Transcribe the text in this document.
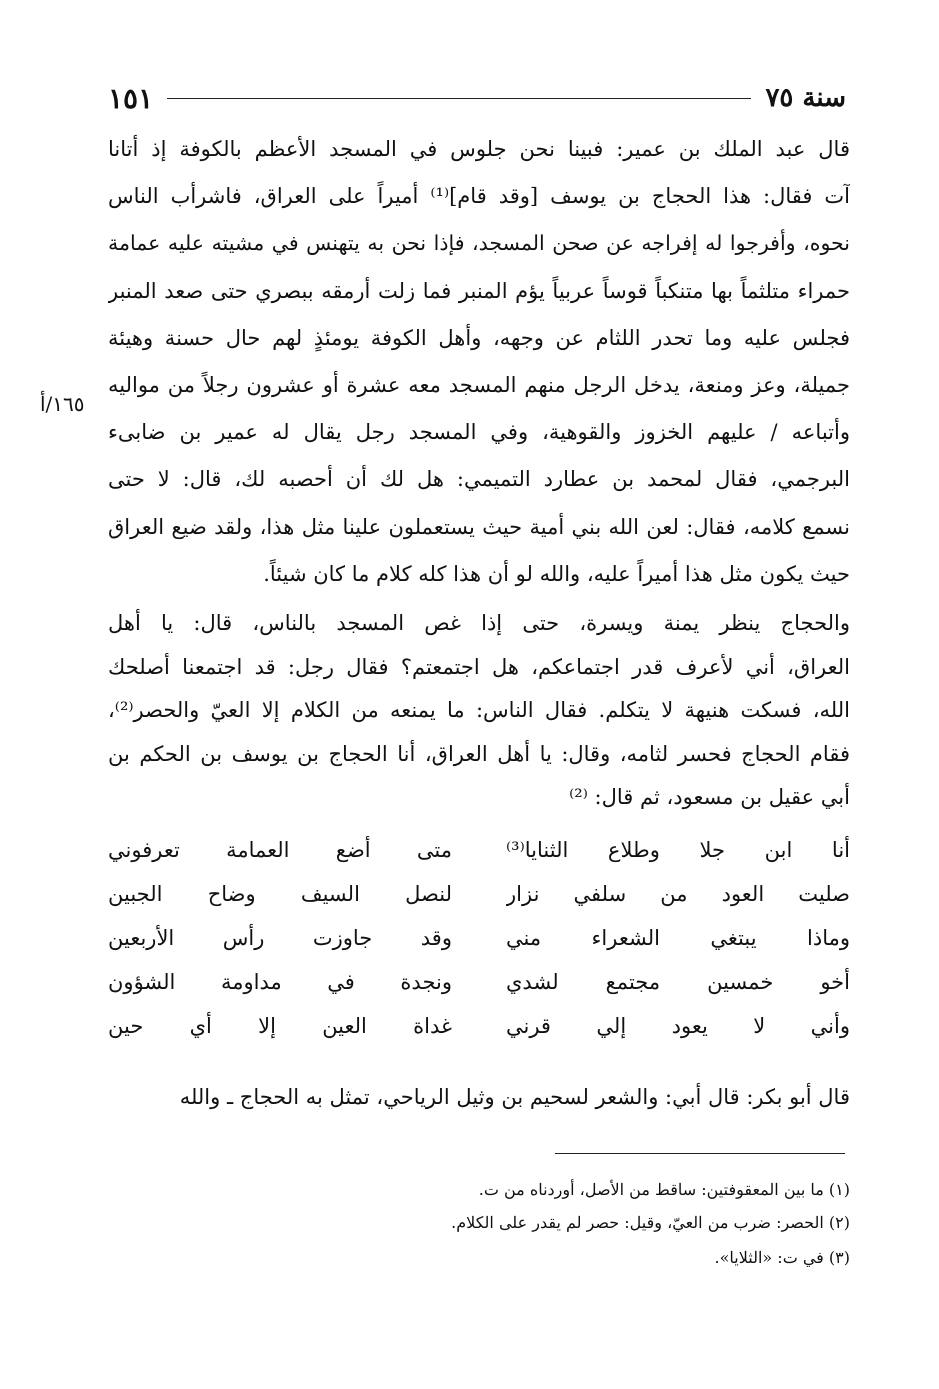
سنة ٧٥
١٥١
١٦٥/أ
قال عبد الملك بن عمير: فبينا نحن جلوس في المسجد الأعظم بالكوفة إذ أتانا
آت فقال: هذا الحجاج بن يوسف [وقد قام]⁽¹⁾ أميراً على العراق، فاشرأب الناس
نحوه، وأفرجوا له إفراجه عن صحن المسجد، فإذا نحن به يتهنس في مشيته عليه عمامة
حمراء متلثماً بها متنكباً قوساً عربياً يؤم المنبر فما زلت أرمقه ببصري حتى صعد المنبر
فجلس عليه وما تحدر اللثام عن وجهه، وأهل الكوفة يومئذٍ لهم حال حسنة وهيئة
جميلة، وعز ومنعة، يدخل الرجل منهم المسجد معه عشرة أو عشرون رجلاً من مواليه
وأتباعه / عليهم الخزوز والقوهية، وفي المسجد رجل يقال له عمير بن ضابىء
البرجمي، فقال لمحمد بن عطارد التميمي: هل لك أن أحصبه لك، قال: لا حتى
نسمع كلامه، فقال: لعن الله بني أمية حيث يستعملون علينا مثل هذا، ولقد ضيع العراق
حيث يكون مثل هذا أميراً عليه، والله لو أن هذا كله كلام ما كان شيئاً.
والحجاج ينظر يمنة ويسرة، حتى إذا غص المسجد بالناس، قال: يا أهل
العراق، أني لأعرف قدر اجتماعكم، هل اجتمعتم؟ فقال رجل: قد اجتمعنا أصلحك
الله، فسكت هنيهة لا يتكلم. فقال الناس: ما يمنعه من الكلام إلا العيّ والحصر⁽²⁾،
فقام الحجاج فحسر لثامه، وقال: يا أهل العراق، أنا الحجاج بن يوسف بن الحكم بن
أبي عقيل بن مسعود، ثم قال: ⁽²⁾
أنا ابن جلا وطلاع الثنايا⁽³⁾
متى أضع العمامة تعرفوني
صليت العود من سلفي نزار
لنصل السيف وضاح الجبين
وماذا يبتغي الشعراء مني
وقد جاوزت رأس الأربعين
أخو خمسين مجتمع لشدي
ونجدة في مداومة الشؤون
وأني لا يعود إلي قرني
غداة العين إلا أي حين
قال أبو بكر: قال أبي: والشعر لسحيم بن وثيل الرياحي، تمثل به الحجاج ـ والله
(١) ما بين المعقوفتين: ساقط من الأصل، أوردناه من ت.
(٢) الحصر: ضرب من العيّ، وقيل: حصر لم يقدر على الكلام.
(٣) في ت: «الثلايا».
